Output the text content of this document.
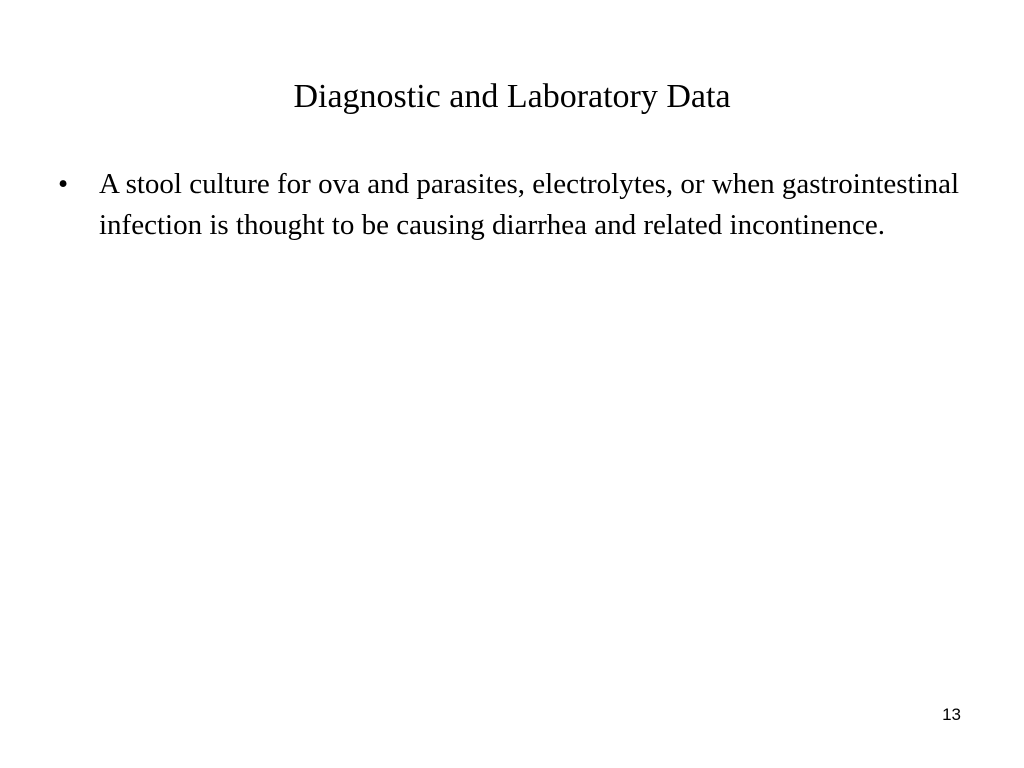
Diagnostic and Laboratory Data
•	A stool culture for ova and parasites, electrolytes, or when gastrointestinal infection is thought to be causing diarrhea and related incontinence.
13
